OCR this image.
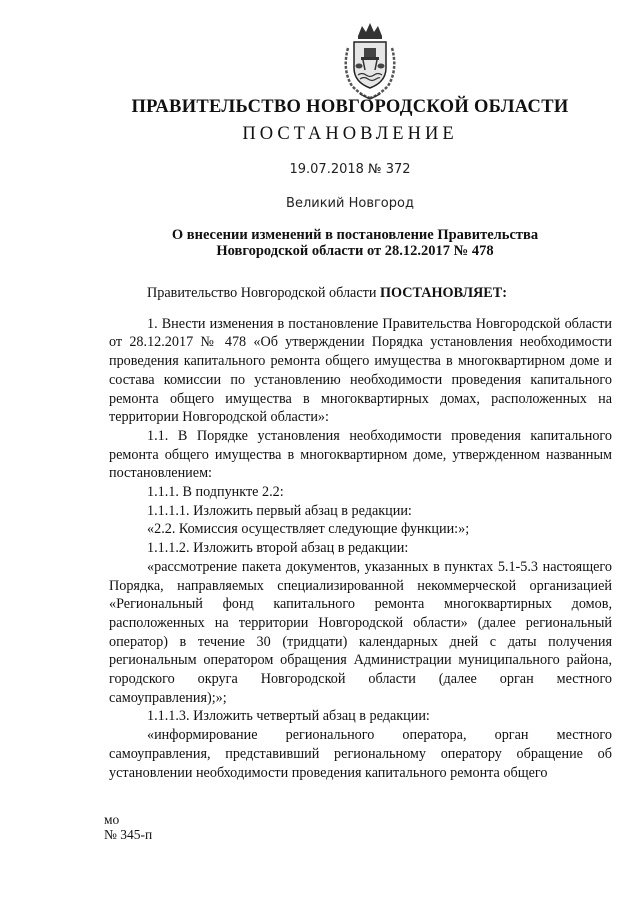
ПРАВИТЕЛЬСТВО НОВГОРОДСКОЙ ОБЛАСТИ
ПОСТАНОВЛЕНИЕ
19.07.2018 № 372
Великий Новгород
О внесении изменений в постановление Правительства
Новгородской области от 28.12.2017 № 478

Правительство Новгородской области ПОСТАНОВЛЯЕТ:

1. Внести изменения в постановление Правительства Новгородской области от 28.12.2017 № 478 «Об утверждении Порядка установления необходимости проведения капитального ремонта общего имущества в многоквартирном доме и состава комиссии по установлению необходимости проведения капитального ремонта общего имущества в многоквартирных домах, расположенных на территории Новгородской области»:

1.1. В Порядке установления необходимости проведения капитального ремонта общего имущества в многоквартирном доме, утвержденном названным постановлением:

1.1.1. В подпункте 2.2:

1.1.1.1. Изложить первый абзац в редакции:

«2.2. Комиссия осуществляет следующие функции:»;

1.1.1.2. Изложить второй абзац в редакции:

«рассмотрение пакета документов, указанных в пунктах 5.1-5.3 настоящего Порядка, направляемых специализированной некоммерческой организацией «Региональный фонд капитального ремонта многоквартирных домов, расположенных на территории Новгородской области» (далее региональный оператор) в течение 30 (тридцати) календарных дней с даты получения региональным оператором обращения Администрации муниципального района, городского округа Новгородской области (далее орган местного самоуправления);»;

1.1.1.3. Изложить четвертый абзац в редакции:

«информирование регионального оператора, орган местного самоуправления, представивший региональному оператору обращение об установлении необходимости проведения капитального ремонта общего

мо
№ 345-п
